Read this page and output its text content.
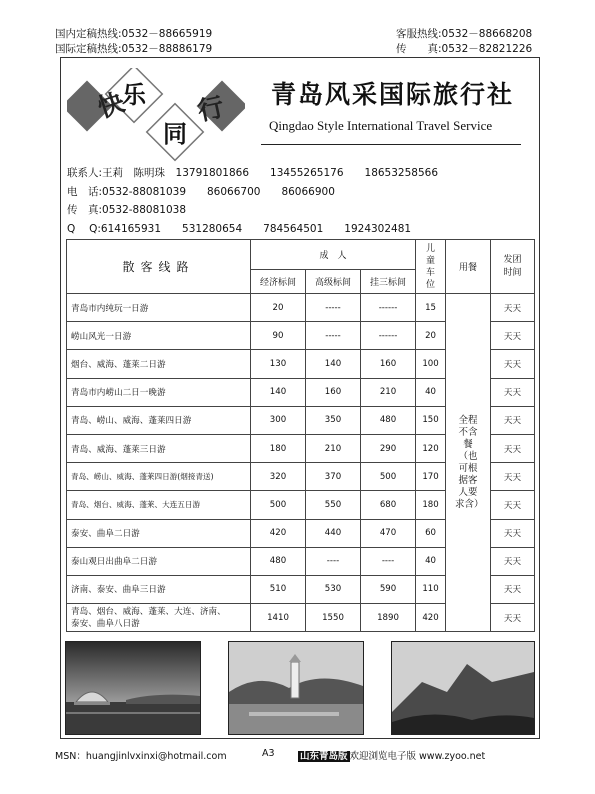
国内定稿热线:0532－88665919
国际定稿热线:0532－88886179
客服热线:0532－88668208
传　　真:0532－82821226
快
乐
同
行 青岛风采国际旅行社
Qingdao Style International Travel Service
联系人:王莉　陈明珠　13791801866　　13455265176　　18653258566
电　话:0532-88081039　　86066700　　86066900
传　真:0532-88081038
Q　 Q:614165931　　531280654　　784564501　　1924302481
散客线路	成　人			儿童车位	用餐	发团时间

	经济标间	高级标间	挂三标间			
青岛市内纯玩一日游	20	-----	------	15	全程不含餐（也可根据客人要求含）	天天
崂山风光一日游	90	-----	------	20		天天
烟台、威海、蓬莱二日游	130	140	160	100		天天
青岛市内崂山二日一晚游	140	160	210	40		天天
青岛、崂山、威海、蓬莱四日游	300	350	480	150		天天
青岛、威海、蓬莱三日游	180	210	290	120		天天
青岛、崂山、威海、蓬莱四日游(烟接青送)	320	370	500	170		天天
青岛、烟台、威海、蓬莱、大连五日游	500	550	680	180		天天
泰安、曲阜二日游	420	440	470	60		天天
泰山观日出曲阜二日游	480	----	----	40		天天
济南、泰安、曲阜三日游	510	530	590	110		天天
青岛、烟台、威海、蓬莱、大连、济南、
泰安、曲阜八日游	1410	1550	1890	420		天天
MSN：huangjinlvxinxi@hotmail.com	A3	山东青岛版 欢迎浏览电子版 www.zyoo.net
